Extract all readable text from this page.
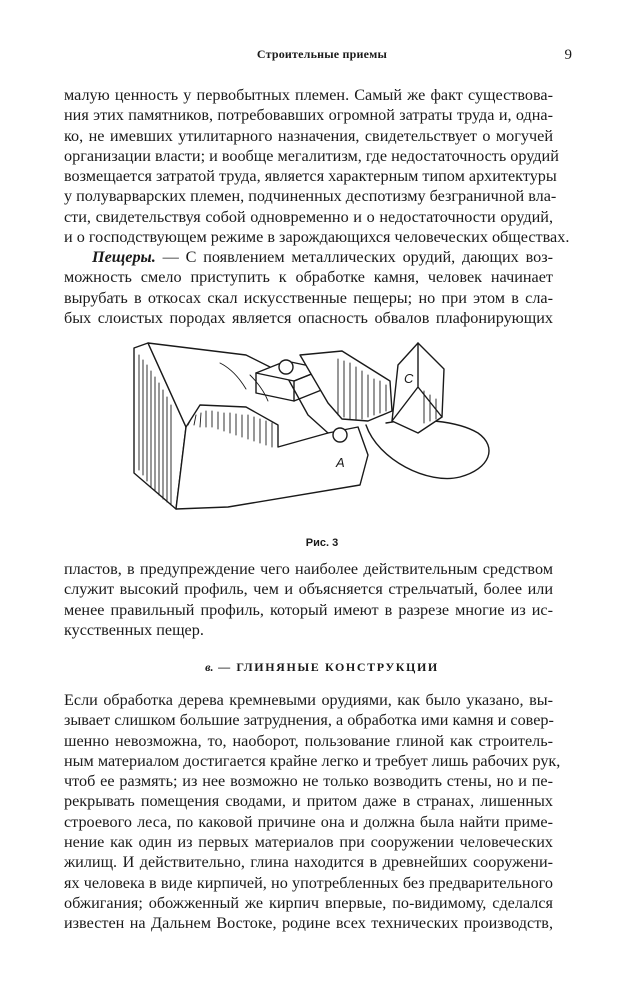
Строительные приемы	9
малую ценность у первобытных племен. Самый же факт существова-
ния этих памятников, потребовавших огромной затраты труда и, одна-
ко, не имевших утилитарного назначения, свидетельствует о могучей
организации власти; и вообще мегалитизм, где недостаточность орудий
возмещается затратой труда, является характерным типом архитектуры
у полуварварских племен, подчиненных деспотизму безграничной вла-
сти, свидетельствуя собой одновременно и о недостаточности орудий,
и о господствующем режиме в зарождающихся человеческих обществах.
Пещеры. — С появлением металлических орудий, дающих воз-
можность смело приступить к обработке камня, человек начинает
вырубать в откосах скал искусственные пещеры; но при этом в сла-
бых слоистых породах является опасность обвалов плафонирующих
C
A
Рис. 3
пластов, в предупреждение чего наиболее действительным средством
служит высокий профиль, чем и объясняется стрельчатый, более или
менее правильный профиль, который имеют в разрезе многие из ис-
кусственных пещер.
в. — ГЛИНЯНЫЕ КОНСТРУКЦИИ
Если обработка дерева кремневыми орудиями, как было указано, вы-
зывает слишком большие затруднения, а обработка ими камня и совер-
шенно невозможна, то, наоборот, пользование глиной как строитель-
ным материалом достигается крайне легко и требует лишь рабочих рук,
чтоб ее размять; из нее возможно не только возводить стены, но и пе-
рекрывать помещения сводами, и притом даже в странах, лишенных
строевого леса, по каковой причине она и должна была найти приме-
нение как один из первых материалов при сооружении человеческих
жилищ. И действительно, глина находится в древнейших сооружени-
ях человека в виде кирпичей, но употребленных без предварительного
обжигания; обожженный же кирпич впервые, по-видимому, сделался
известен на Дальнем Востоке, родине всех технических производств,
